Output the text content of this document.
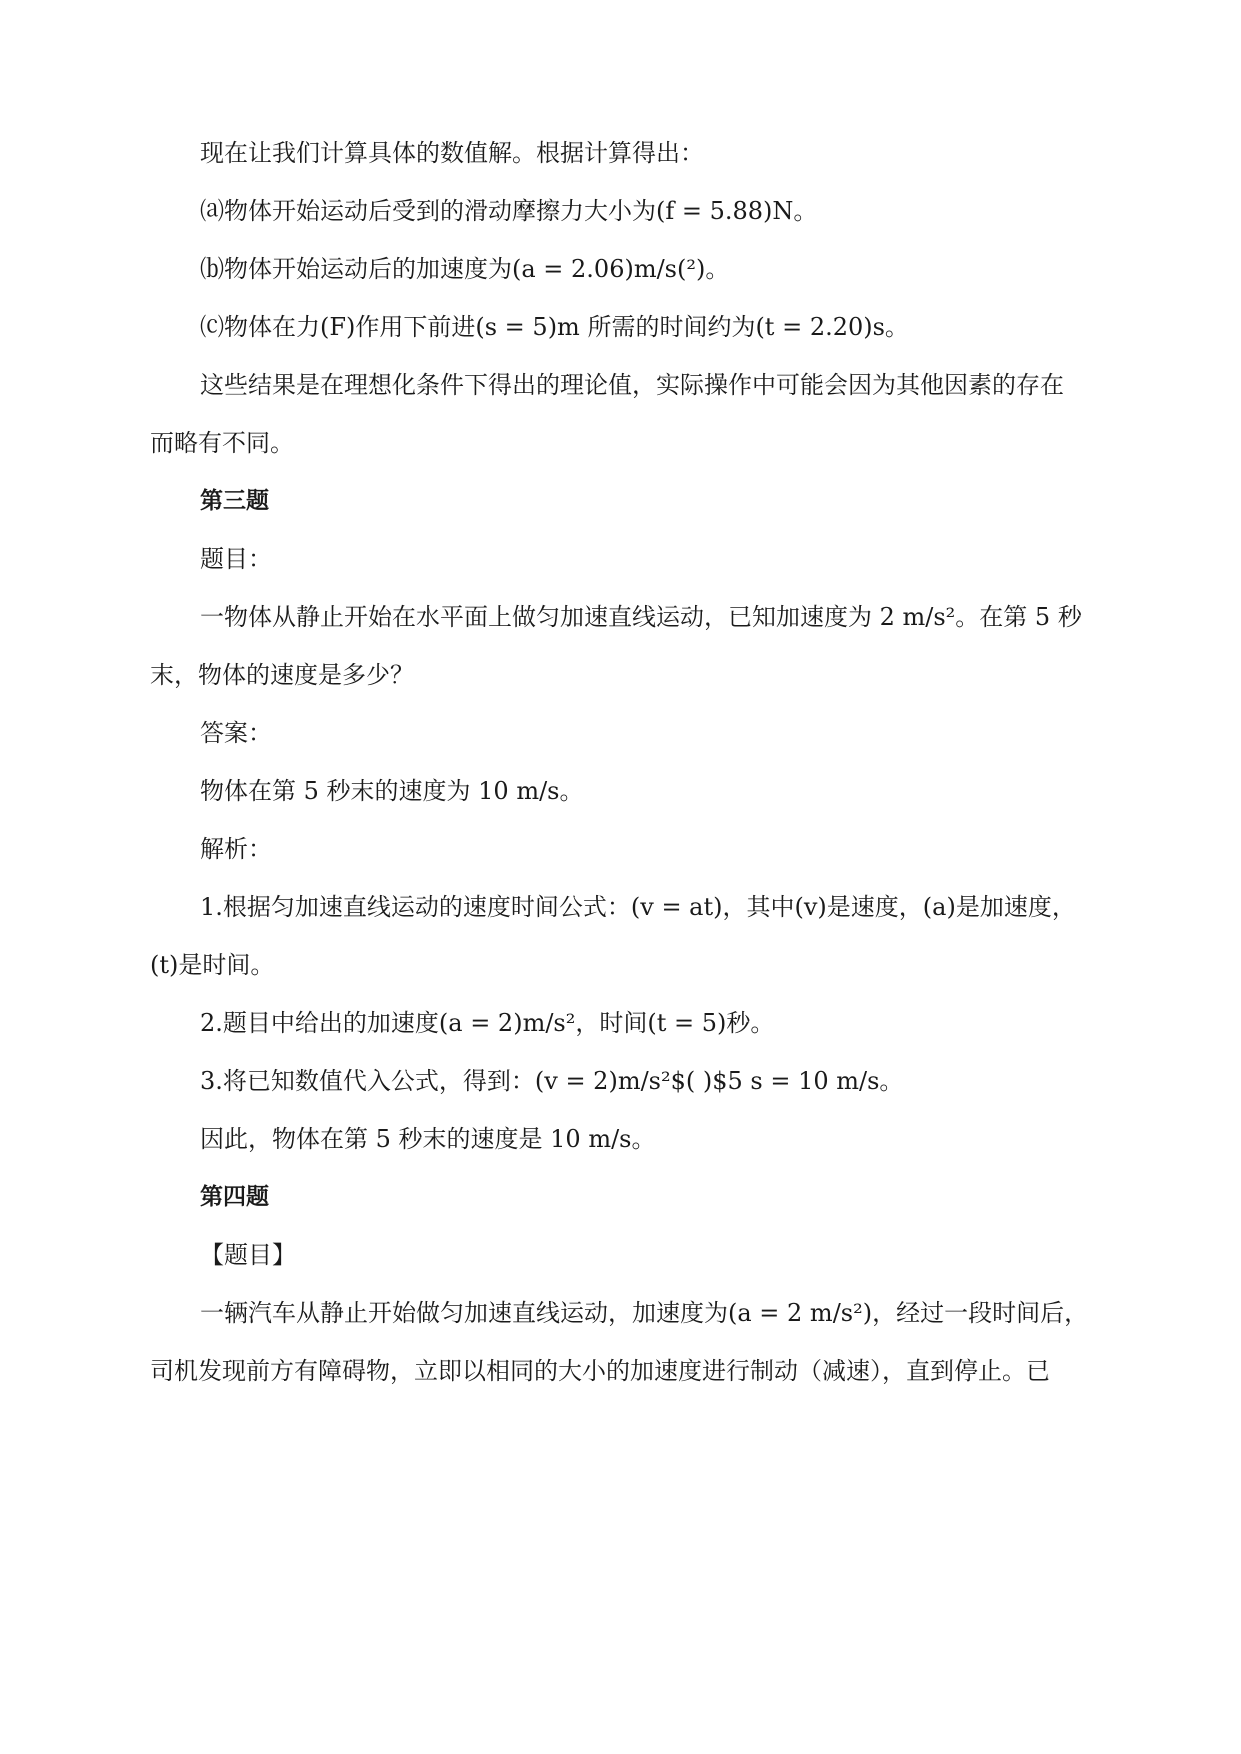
现在让我们计算具体的数值解。根据计算得出：
⒜物体开始运动后受到的滑动摩擦力大小为(f = 5.88)N。
⒝物体开始运动后的加速度为(a = 2.06)m/s(²)。
⒞物体在力(F)作用下前进(s = 5)m 所需的时间约为(t = 2.20)s。
这些结果是在理想化条件下得出的理论值，实际操作中可能会因为其他因素的存在
而略有不同。
第三题
题目：
一物体从静止开始在水平面上做匀加速直线运动，已知加速度为 2 m/s²。在第 5 秒
末，物体的速度是多少？
答案：
物体在第 5 秒末的速度为 10 m/s。
解析：
1.根据匀加速直线运动的速度时间公式：(v = at)，其中(v)是速度，(a)是加速度，
(t)是时间。
2.题目中给出的加速度(a = 2)m/s²，时间(t = 5)秒。
3.将已知数值代入公式，得到：(v = 2)m/s²$( )$5 s = 10 m/s。
因此，物体在第 5 秒末的速度是 10 m/s。
第四题
【题目】
一辆汽车从静止开始做匀加速直线运动，加速度为(a = 2 m/s²)，经过一段时间后，
司机发现前方有障碍物，立即以相同的大小的加速度进行制动（减速），直到停止。已
